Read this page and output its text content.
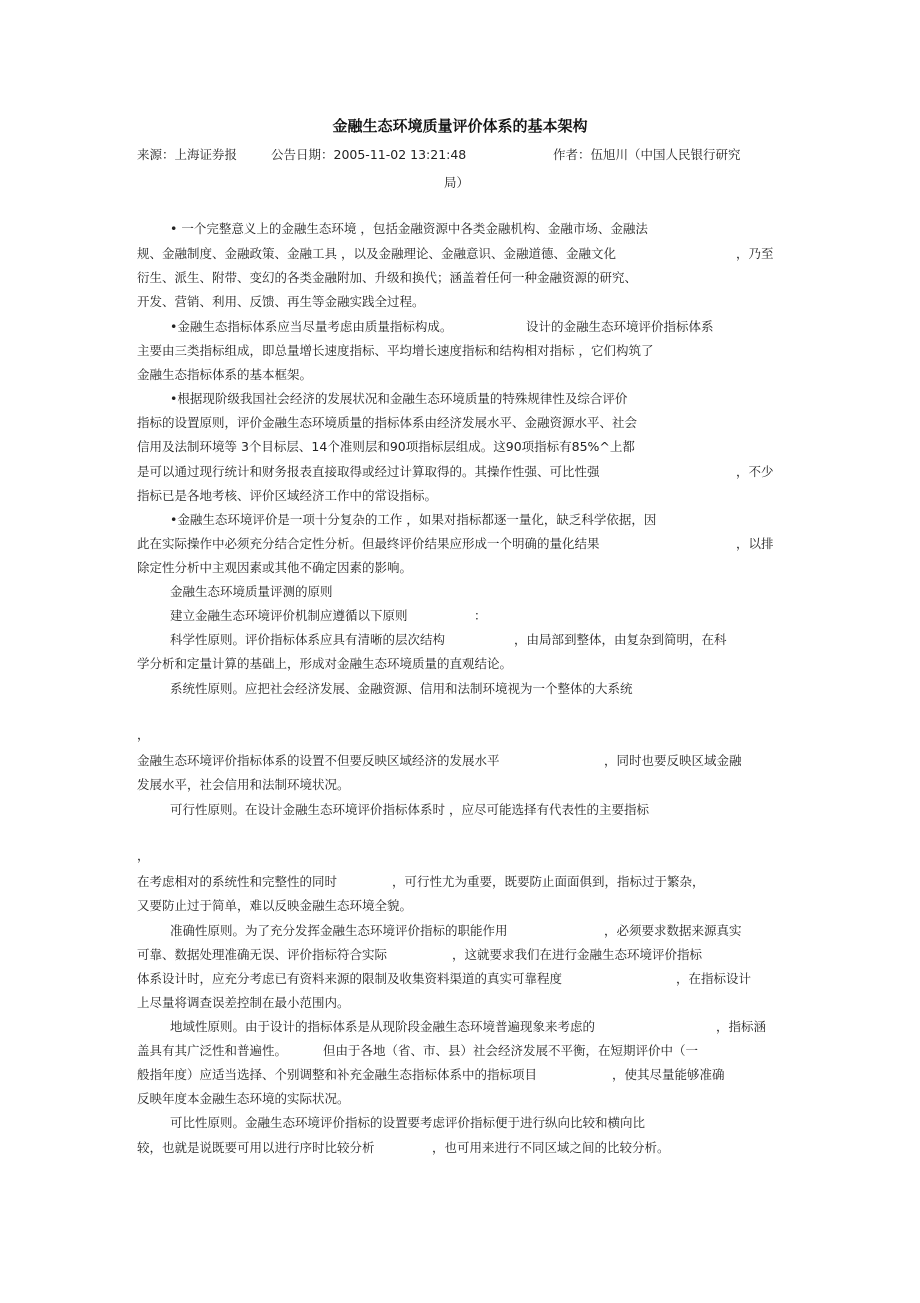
金融生态环境质量评价体系的基本架构
来源：上海证券报	公告日期：2005-11-02 13:21:48	作者：伍旭川（中国人民银行研究
局）
• 一个完整意义上的金融生态环境 ，包括金融资源中各类金融机构、金融市场、金融法
规、金融制度、金融政策、金融工具 ，以及金融理论、金融意识、金融道德、金融文化	，乃至
衍生、派生、附带、变幻的各类金融附加、升级和换代；涵盖着任何一种金融资源的研究、
开发、营销、利用、反馈、再生等金融实践全过程。
•金融生态指标体系应当尽量考虑由质量指标构成。	设计的金融生态环境评价指标体系
主要由三类指标组成，即总量增长速度指标、平均增长速度指标和结构相对指标 ，它们构筑了
金融生态指标体系的基本框架。
•根据现阶级我国社会经济的发展状况和金融生态环境质量的特殊规律性及综合评价
指标的设置原则，评价金融生态环境质量的指标体系由经济发展水平、金融资源水平、社会
信用及法制环境等 3个目标层、14个准则层和90项指标层组成。这90项指标有85%^上都
是可以通过现行统计和财务报表直接取得或经过计算取得的。其操作性强、可比性强	，不少
指标已是各地考核、评价区域经济工作中的常设指标。
•金融生态环境评价是一项十分复杂的工作 ，如果对指标都逐一量化，缺乏科学依据，因
此在实际操作中必须充分结合定性分析。但最终评价结果应形成一个明确的量化结果	，以排
除定性分析中主观因素或其他不确定因素的影响。
金融生态环境质量评测的原则
建立金融生态环境评价机制应遵循以下原则	：
科学性原则。评价指标体系应具有清晰的层次结构	，由局部到整体，由复杂到简明，在科
学分析和定量计算的基础上，形成对金融生态环境质量的直观结论。
系统性原则。应把社会经济发展、金融资源、信用和法制环境视为一个整体的大系统
，
金融生态环境评价指标体系的设置不但要反映区域经济的发展水平	，同时也要反映区域金融
发展水平，社会信用和法制环境状况。
可行性原则。在设计金融生态环境评价指标体系时 ，应尽可能选择有代表性的主要指标
，
在考虑相对的系统性和完整性的同时	，可行性尤为重要，既要防止面面俱到，指标过于繁杂，
又要防止过于简单，难以反映金融生态环境全貌。
准确性原则。为了充分发挥金融生态环境评价指标的职能作用	，必须要求数据来源真实
可靠、数据处理准确无误、评价指标符合实际	，这就要求我们在进行金融生态环境评价指标
体系设计时，应充分考虑已有资料来源的限制及收集资料渠道的真实可靠程度	，在指标设计
上尽量将调查误差控制在最小范围内。
地域性原则。由于设计的指标体系是从现阶段金融生态环境普遍现象来考虑的	，指标涵
盖具有其广泛性和普遍性。	但由于各地（省、市、县）社会经济发展不平衡，在短期评价中（一
般指年度）应适当选择、个别调整和补充金融生态指标体系中的指标项目	，使其尽量能够准确
反映年度本金融生态环境的实际状况。
可比性原则。金融生态环境评价指标的设置要考虑评价指标便于进行纵向比较和横向比
较，也就是说既要可用以进行序时比较分析	，也可用来进行不同区域之间的比较分析。
